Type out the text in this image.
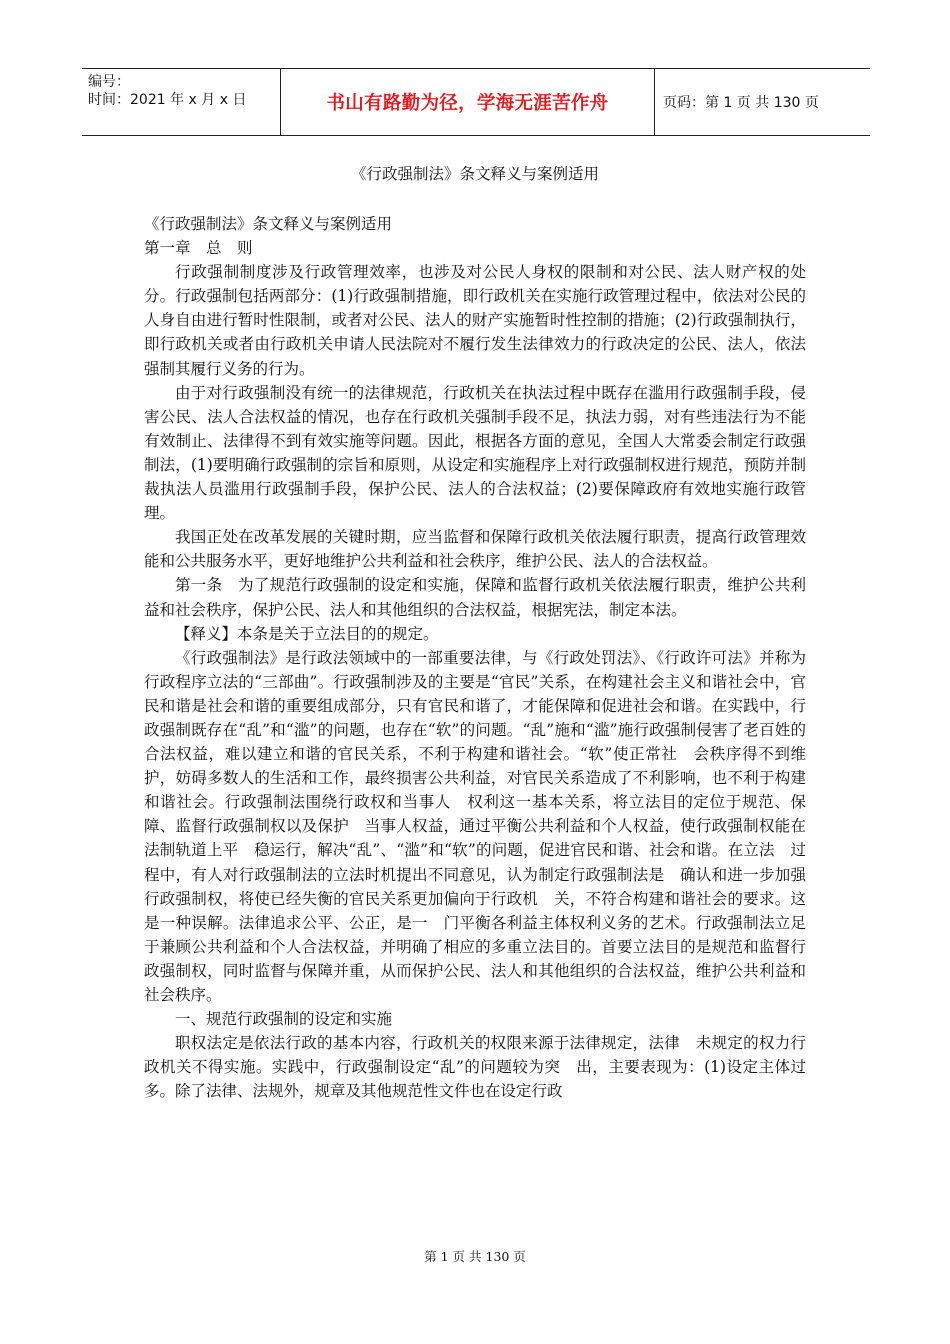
编号：
时间：2021 年 x 月 x 日	书山有路勤为径，学海无涯苦作舟	页码：第 1 页 共 130 页
《行政强制法》条文释义与案例适用

《行政强制法》条文释义与案例适用

第一章　总　则

行政强制制度涉及行政管理效率，也涉及对公民人身权的限制和对公民、法人财产权的处分。行政强制包括两部分：(1)行政强制措施，即行政机关在实施行政管理过程中，依法对公民的人身自由进行暂时性限制，或者对公民、法人的财产实施暂时性控制的措施；(2)行政强制执行，即行政机关或者由行政机关申请人民法院对不履行发生法律效力的行政决定的公民、法人，依法强制其履行义务的行为。

由于对行政强制没有统一的法律规范，行政机关在执法过程中既存在滥用行政强制手段，侵害公民、法人合法权益的情况，也存在行政机关强制手段不足，执法力弱，对有些违法行为不能有效制止、法律得不到有效实施等问题。因此，根据各方面的意见，全国人大常委会制定行政强制法，(1)要明确行政强制的宗旨和原则，从设定和实施程序上对行政强制权进行规范，预防并制裁执法人员滥用行政强制手段，保护公民、法人的合法权益；(2)要保障政府有效地实施行政管理。

我国正处在改革发展的关键时期，应当监督和保障行政机关依法履行职责，提高行政管理效能和公共服务水平，更好地维护公共利益和社会秩序，维护公民、法人的合法权益。

第一条　为了规范行政强制的设定和实施，保障和监督行政机关依法履行职责，维护公共利益和社会秩序，保护公民、法人和其他组织的合法权益，根据宪法，制定本法。

【释义】本条是关于立法目的的规定。

《行政强制法》是行政法领域中的一部重要法律，与《行政处罚法》、《行政许可法》并称为行政程序立法的“三部曲”。行政强制涉及的主要是“官民”关系，在构建社会主义和谐社会中，官民和谐是社会和谐的重要组成部分，只有官民和谐了，才能保障和促进社会和谐。在实践中，行政强制既存在“乱”和“滥”的问题，也存在“软”的问题。“乱”施和“滥”施行政强制侵害了老百姓的　合法权益，难以建立和谐的官民关系，不利于构建和谐社会。“软”使正常社　会秩序得不到维护，妨碍多数人的生活和工作，最终损害公共利益，对官民关系造成了不利影响，也不利于构建和谐社会。行政强制法围绕行政权和当事人　权利这一基本关系，将立法目的定位于规范、保障、监督行政强制权以及保护　当事人权益，通过平衡公共利益和个人权益，使行政强制权能在法制轨道上平　稳运行，解决“乱”、“滥”和“软”的问题，促进官民和谐、社会和谐。在立法　过程中，有人对行政强制法的立法时机提出不同意见，认为制定行政强制法是　确认和进一步加强行政强制权，将使已经失衡的官民关系更加偏向于行政机　关，不符合构建和谐社会的要求。这是一种误解。法律追求公平、公正，是一　门平衡各利益主体权利义务的艺术。行政强制法立足于兼顾公共利益和个人合法权益，并明确了相应的多重立法目的。首要立法目的是规范和监督行政强制权，同时监督与保障并重，从而保护公民、法人和其他组织的合法权益，维护公共利益和社会秩序。

一、规范行政强制的设定和实施

职权法定是依法行政的基本内容，行政机关的权限来源于法律规定，法律　未规定的权力行政机关不得实施。实践中，行政强制设定“乱”的问题较为突　出，主要表现为：(1)设定主体过多。除了法律、法规外，规章及其他规范性文件也在设定行政

第 1 页 共 130 页
